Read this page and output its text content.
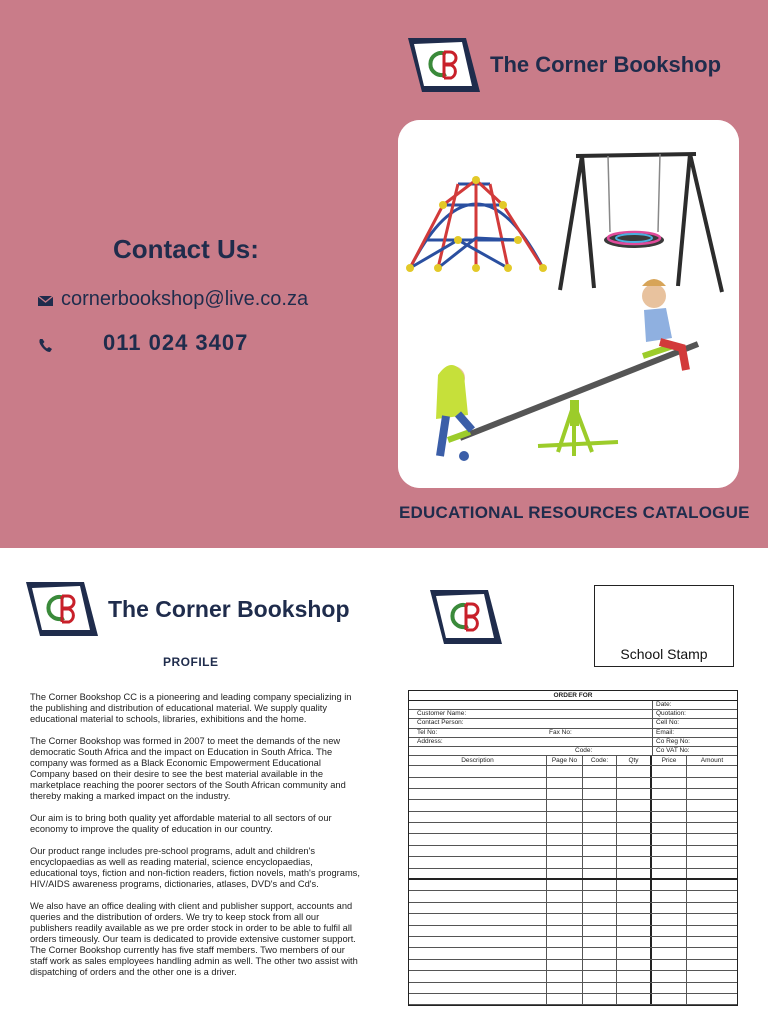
The Corner Bookshop
Contact Us:
cornerbookshop@live.co.za
011 024 3407
EDUCATIONAL RESOURCES CATALOGUE
The Corner Bookshop
PROFILE

The Corner Bookshop CC is a pioneering and leading company specializing in the publishing and distribution of educational material. We supply quality educational material to schools, libraries, exhibitions and the home.

The Corner Bookshop was formed in 2007 to meet the demands of the new democratic South Africa and the impact on Education in South Africa. The company was formed as a Black Economic Empowerment Educational Company based on their desire to see the best material available in the marketplace reaching the poorer sectors of the South African community and thereby making a marked impact on the industry.

Our aim is to bring both quality yet affordable material to all sectors of our economy to improve the quality of education in our country.

Our product range includes pre-school programs, adult and children's encyclopaedias as well as reading material, science encyclopaedias, educational toys, fiction and non-fiction readers, fiction novels, math's programs, HIV/AIDS awareness programs, dictionaries, atlases, DVD's and Cd's.

We also have an office dealing with client and publisher support, accounts and queries and the distribution of orders. We try to keep stock from all our publishers readily available as we pre order stock in order to be able to fulfil all orders timeously. Our team is dedicated to provide extensive customer support. The Corner Bookshop currently has five staff members. Two members of our staff work as sales employees handling admin as well. The other two assist with dispatching of orders and the other one is a driver.

School Stamp
ORDER FOR
Date:
Customer Name:	Quotation:
Contact Person:	Cell No:
Tel No:	Fax No:	Email:
Address:	Co Reg No:
Code:	Co VAT No:
Description	Page No	Code:	Qty	Price	Amount
